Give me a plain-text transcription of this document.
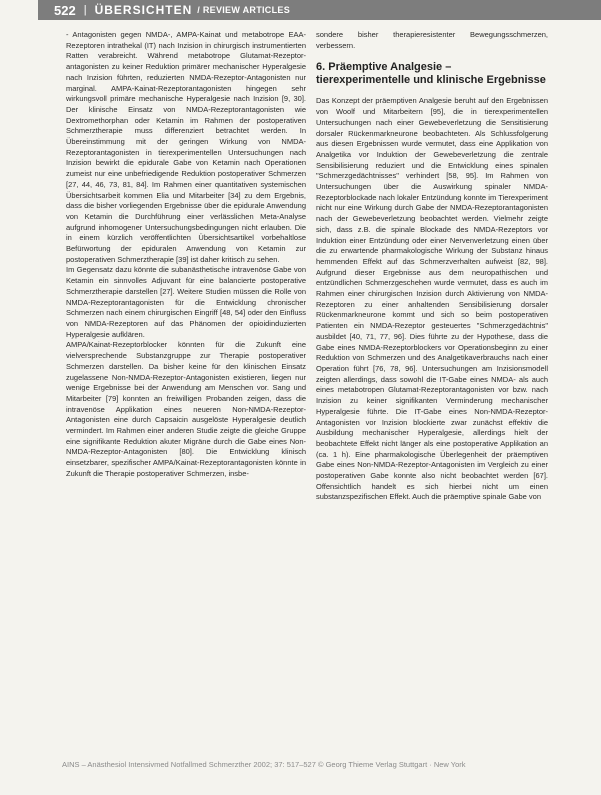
522 | ÜBERSICHTEN / REVIEW ARTICLES

- Antagonisten gegen NMDA-, AMPA-Kainat und metabotrope EAA-Rezeptoren intrathekal (IT) nach Inzision in chirurgisch instrumentierten Ratten verabreicht. Während metabotrope Glutamat-Rezeptor-antagonisten zu keiner Reduktion primärer mechanischer Hyperalgesie nach Inzision führten, reduzierten NMDA-Rezeptor-Antagonisten nur marginal. AMPA-Kainat-Rezeptorantagonisten hingegen sehr wirkungsvoll primäre mechanische Hyperalgesie nach Inzision [9, 30]. Der klinische Einsatz von NMDA-Rezeptorantagonisten wie Dextromethorphan oder Ketamin im Rahmen der postoperativen Schmerztherapie muss differenziert betrachtet werden. In Übereinstimmung mit der geringen Wirkung von NMDA-Rezeptorantagonisten in tierexperimentellen Untersuchungen nach Inzision bewirkt die epidurale Gabe von Ketamin nach Operationen zumeist nur eine unbefriedigende Reduktion postoperativer Schmerzen [27, 44, 46, 73, 81, 84]. Im Rahmen einer quantitativen systemischen Übersichtsarbeit kommen Elia und Mitarbeiter [34] zu dem Ergebnis, dass die bisher vorliegenden Ergebnisse über die epidurale Anwendung von Ketamin die Durchführung einer verlässlichen Meta-Analyse aufgrund inhomogener Untersuchungsbedingungen nicht erlauben. Die in einem kürzlich veröffentlichten Übersichtsartikel vorbehaltlose Befürwortung der epiduralen Anwendung von Ketamin zur postoperativen Schmerztherapie [39] ist daher kritisch zu sehen.

Im Gegensatz dazu könnte die subanästhetische intravenöse Gabe von Ketamin ein sinnvolles Adjuvant für eine balancierte postoperative Schmerztherapie darstellen [27]. Weitere Studien müssen die Rolle von NMDA-Rezeptorantagonisten für die Entwicklung chronischer Schmerzen nach einem chirurgischen Eingriff [48, 54] oder den Einfluss von NMDA-Rezeptoren auf das Phänomen der opioidinduzierten Hyperalgesie aufklären.

AMPA/Kainat-Rezeptorblocker könnten für die Zukunft eine vielversprechende Substanzgruppe zur Therapie postoperativer Schmerzen darstellen. Da bisher keine für den klinischen Einsatz zugelassene Non-NMDA-Rezeptor-Antagonisten existieren, liegen nur wenige Ergebnisse bei der Anwendung am Menschen vor. Sang und Mitarbeiter [79] konnten an freiwilligen Probanden zeigen, dass die intravenöse Applikation eines neueren Non-NMDA-Rezeptor-Antagonisten eine durch Capsaicin ausgelöste Hyperalgesie deutlich vermindert. Im Rahmen einer anderen Studie zeigte die gleiche Gruppe eine signifikante Reduktion akuter Migräne durch die Gabe eines Non-NMDA-Rezeptor-Antagonisten [80]. Die Entwicklung klinisch einsetzbarer, spezifischer AMPA/Kainat-Rezeptorantagonisten könnte in Zukunft die Therapie postoperativer Schmerzen, insbe-

sondere bisher therapieresistenter Bewegungsschmerzen, verbessern.

6. Präemptive Analgesie – tierexperimentelle und klinische Ergebnisse

Das Konzept der präemptiven Analgesie beruht auf den Ergebnissen von Woolf und Mitarbeitern [95], die in tierexperimentellen Untersuchungen nach einer Gewebeverletzung die Sensitisierung dorsaler Rückenmarkneurone beobachteten. Als Schlussfolgerung aus diesen Ergebnissen wurde vermutet, dass eine Applikation von Analgetika vor Induktion der Gewebeverletzung die zentrale Sensibilisierung reduziert und die Entwicklung eines spinalen "Schmerzgedächtnisses" verhindert [58, 95]. Im Rahmen von Untersuchungen über die Auswirkung spinaler NMDA-Rezeptorblockade nach lokaler Entzündung konnte im Tierexperiment nicht nur eine Wirkung durch Gabe der NMDA-Rezeptorantagonisten nach der Gewebeverletzung beobachtet werden. Vielmehr zeigte sich, dass z.B. die spinale Blockade des NMDA-Rezeptors vor Induktion einer Entzündung oder einer Nervenverletzung einen über die zu erwartende pharmakologische Wirkung der Substanz hinaus hemmenden Effekt auf das Schmerzverhalten aufweist [82, 98]. Aufgrund dieser Ergebnisse aus dem neuropathischen und entzündlichen Schmerzgeschehen wurde vermutet, dass es auch im Rahmen einer chirurgischen Inzision durch Aktivierung von NMDA-Rezeptoren zu einer anhaltenden Sensibilisierung dorsaler Rückenmarkneurone kommt und sich so beim postoperativen Patienten ein NMDA-Rezeptor gesteuertes "Schmerzgedächtnis" ausbildet [40, 71, 77, 96]. Dies führte zu der Hypothese, dass die Gabe eines NMDA-Rezeptorblockers vor Operationsbeginn zu einer Reduktion von Schmerzen und des Analgetikaverbrauchs nach einer Operation führt [76, 78, 96]. Untersuchungen am Inzisionsmodell zeigten allerdings, dass sowohl die IT-Gabe eines NMDA- als auch eines metabotropen Glutamat-Rezeptorantagonisten vor bzw. nach Inzision zu keiner signifikanten Verminderung mechanischer Hyperalgesie führte. Die IT-Gabe eines Non-NMDA-Rezeptor-Antagonisten vor Inzision blockierte zwar zunächst effektiv die Ausbildung mechanischer Hyperalgesie, allerdings hielt der beobachtete Effekt nicht länger als eine postoperative Applikation an (ca. 1 h). Eine pharmakologische Überlegenheit der präemptiven Gabe eines Non-NMDA-Rezeptor-Antagonisten im Vergleich zu einer postoperativen Gabe konnte also nicht beobachtet werden [67]. Offensichtlich handelt es sich hierbei nicht um einen substanzspezifischen Effekt. Auch die präemptive spinale Gabe von

AINS – Anästhesiol Intensivmed Notfallmed Schmerzther 2002; 37: 517–527 © Georg Thieme Verlag Stuttgart · New York
